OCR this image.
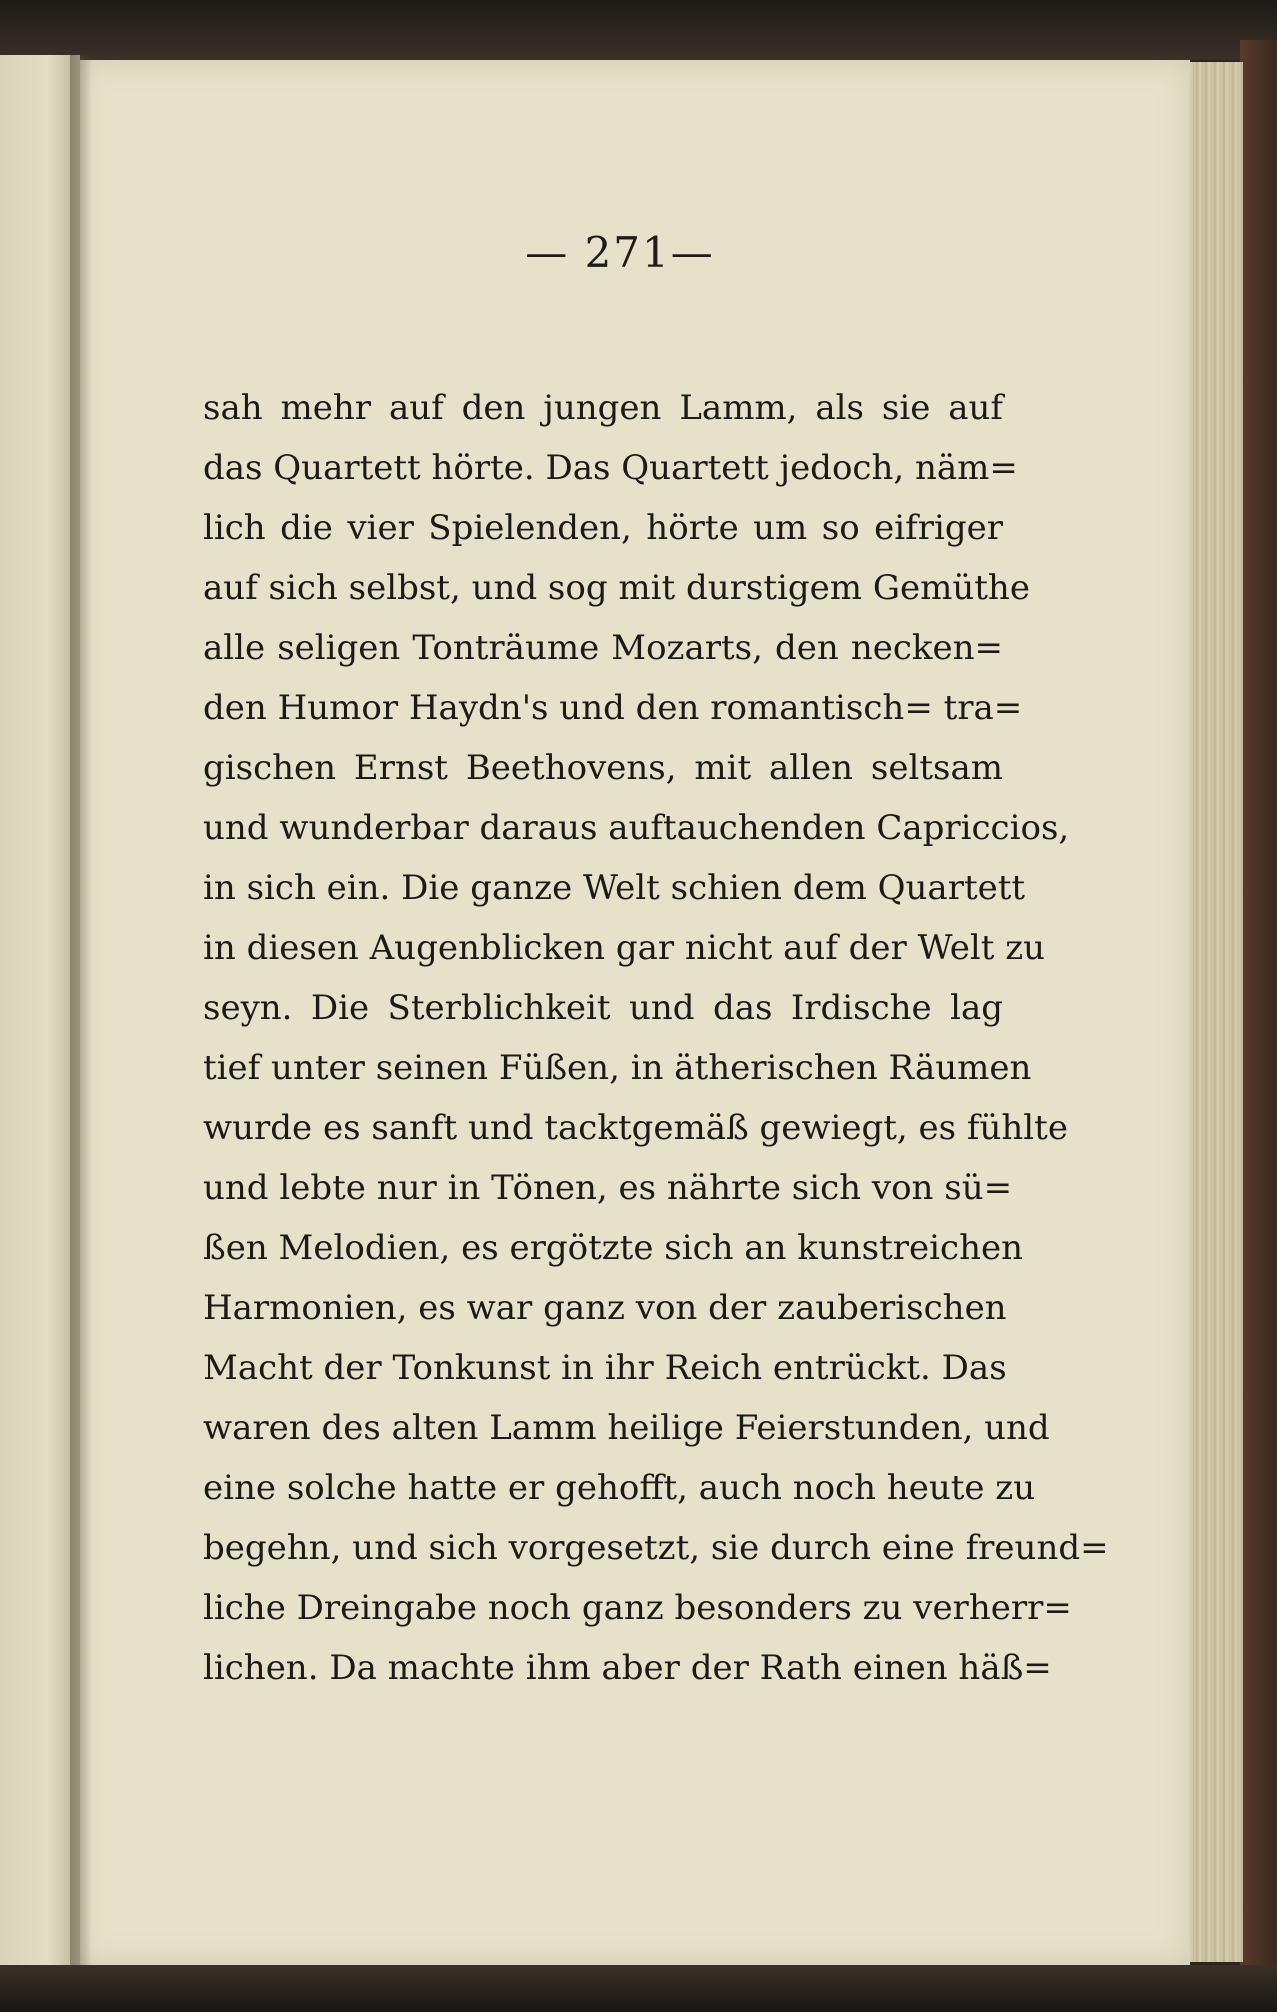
— 271—
sah mehr auf den jungen Lamm, als sie auf
das Quartett hörte. Das Quartett jedoch, näm=
lich die vier Spielenden, hörte um so eifriger
auf sich selbst, und sog mit durstigem Gemüthe
alle seligen Tonträume Mozarts, den necken=
den Humor Haydn's und den romantisch= tra=
gischen Ernst Beethovens, mit allen seltsam
und wunderbar daraus auftauchenden Capriccios,
in sich ein. Die ganze Welt schien dem Quartett
in diesen Augenblicken gar nicht auf der Welt zu
seyn. Die Sterblichkeit und das Irdische lag
tief unter seinen Füßen, in ätherischen Räumen
wurde es sanft und tacktgemäß gewiegt, es fühlte
und lebte nur in Tönen, es nährte sich von sü=
ßen Melodien, es ergötzte sich an kunstreichen
Harmonien, es war ganz von der zauberischen
Macht der Tonkunst in ihr Reich entrückt. Das
waren des alten Lamm heilige Feierstunden, und
eine solche hatte er gehofft, auch noch heute zu
begehn, und sich vorgesetzt, sie durch eine freund=
liche Dreingabe noch ganz besonders zu verherr=
lichen. Da machte ihm aber der Rath einen häß=
